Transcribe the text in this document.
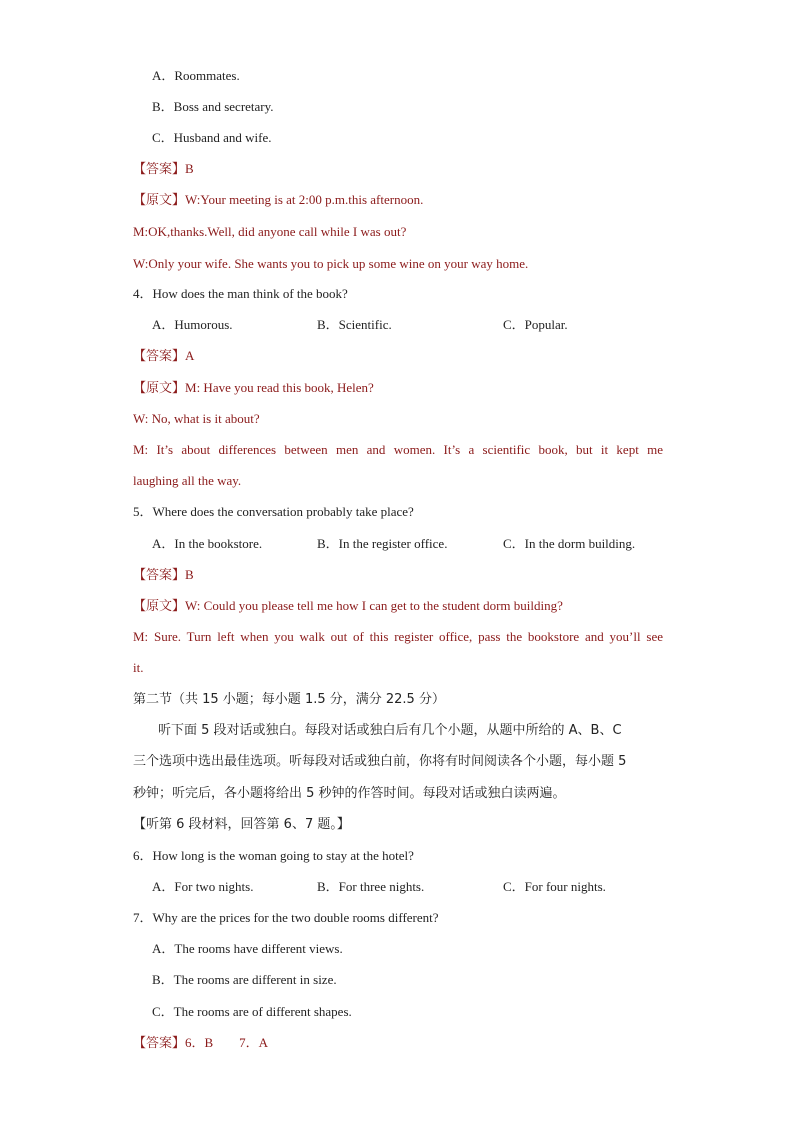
A．Roommates.
B．Boss and secretary.
C．Husband and wife.
【答案】B
【原文】W:Your meeting is at 2:00 p.m.this afternoon.
M:OK,thanks.Well, did anyone call while I was out?
W:Only your wife. She wants you to pick up some wine on your way home.
4．How does the man think of the book?
A．Humorous.	B．Scientific.	C．Popular.
【答案】A
【原文】M: Have you read this book, Helen?
W: No, what is it about?
M: It’s about differences between men and women. It’s a scientific book, but it kept me
laughing all the way.
5．Where does the conversation probably take place?
A．In the bookstore.	B．In the register office.	C．In the dorm building.
【答案】B
【原文】W: Could you please tell me how I can get to the student dorm building?
M: Sure. Turn left when you walk out of this register office, pass the bookstore and you’ll see
it.
第二节（共 15 小题；每小题 1.5 分，满分 22.5 分）
听下面 5 段对话或独白。每段对话或独白后有几个小题，从题中所给的 A、B、C
三个选项中选出最佳选项。听每段对话或独白前，你将有时间阅读各个小题，每小题 5
秒钟；听完后，各小题将给出 5 秒钟的作答时间。每段对话或独白读两遍。
【听第 6 段材料，回答第 6、7 题。】
6．How long is the woman going to stay at the hotel?
A．For two nights.	B．For three nights.	C．For four nights.
7．Why are the prices for the two double rooms different?
A．The rooms have different views.
B．The rooms are different in size.
C．The rooms are of different shapes.
【答案】6．B        7．A
